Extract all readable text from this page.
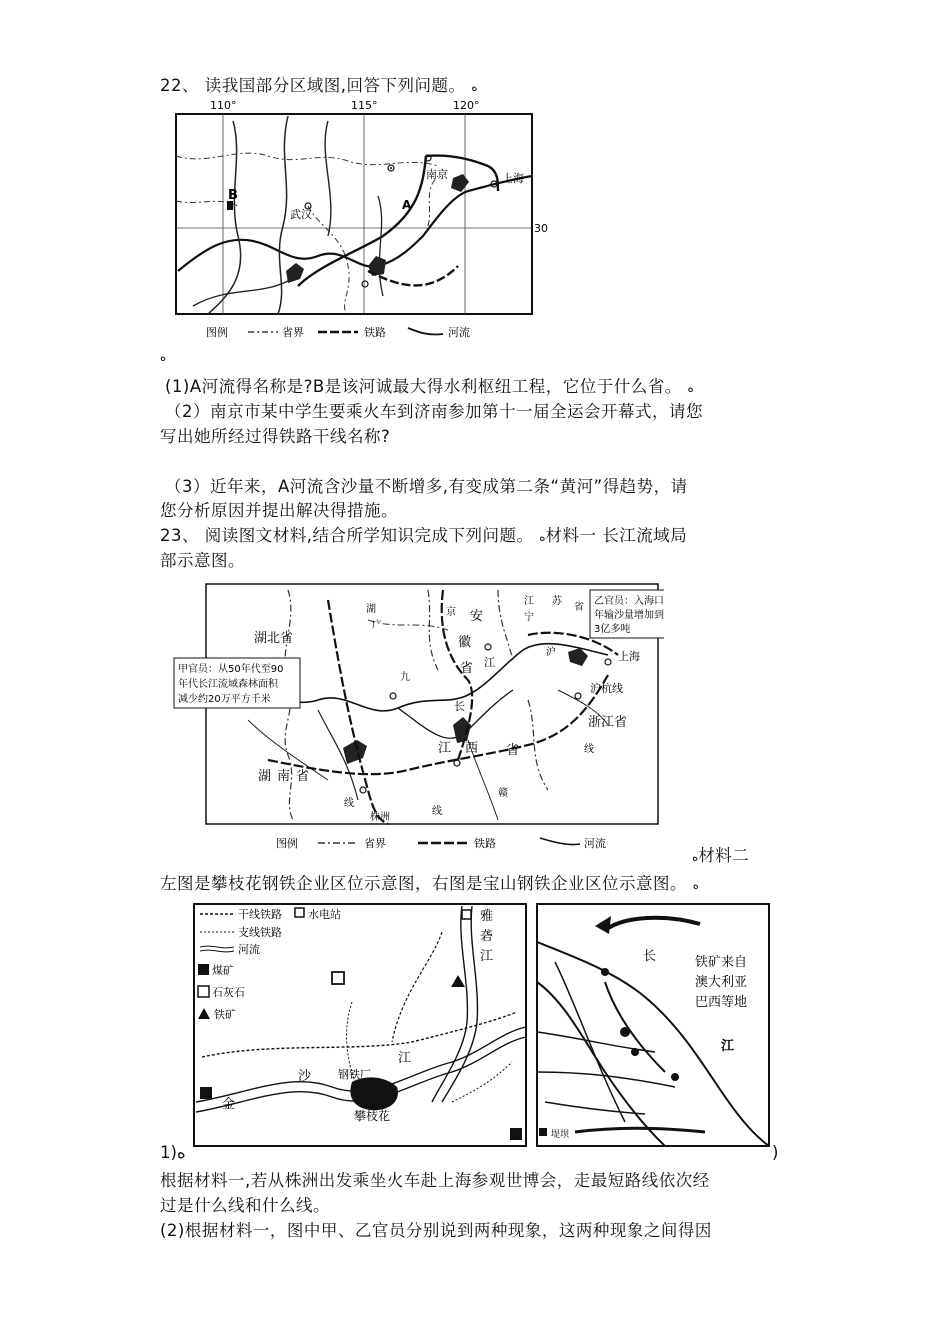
22、 读我国部分区域图,回答下列问题。 ﻩ
110°	115°	120°
30
B
武汉
南京	上海
A
图例	省界	铁路	河流
ﻩ
(1)A河流得名称是?B是该河诚最大得水利枢纽工程，它位于什么省。 ﻩ
（2）南京市某中学生要乘火车到济南参加第十一届全运会开幕式，请您
写出她所经过得铁路干线名称?
（3）近年来，A河流含沙量不断增多,有变成第二条“黄河”得趋势，请
您分析原因并提出解决得措施。
23、 阅读图文材料,结合所学知识完成下列问题。 ﻩ材料一 长江流域局
部示意图。
湖北省
安
徽
省
湖南省
江 西 省
浙江省
京
九
长
江
沪
沪杭线
株洲
上海
线
线
线
赣
湖
广
江 苏
省
宁
甲官员：从50年代至90
年代长江流域森林面积
减少约20万平方千米
乙官员：入海口
年输沙量增加到
3亿多吨
图例	省界	铁路	河流
ﻩ材料二
左图是攀枝花钢铁企业区位示意图，右图是宝山钢铁企业区位示意图。 ﻩ
干线铁路 水电站
支线铁路
河流
煤矿
石灰石
铁矿
雅
砻
江
金
沙
江
钢铁厂
攀枝花
长
江
铁矿来自
澳大利亚
巴西等地
堤坝
1)ﻩ	)
根据材料一,若从株洲出发乘坐火车赴上海参观世博会，走最短路线依次经
过是什么线和什么线。
(2)根据材料一，图中甲、乙官员分别说到两种现象，这两种现象之间得因
